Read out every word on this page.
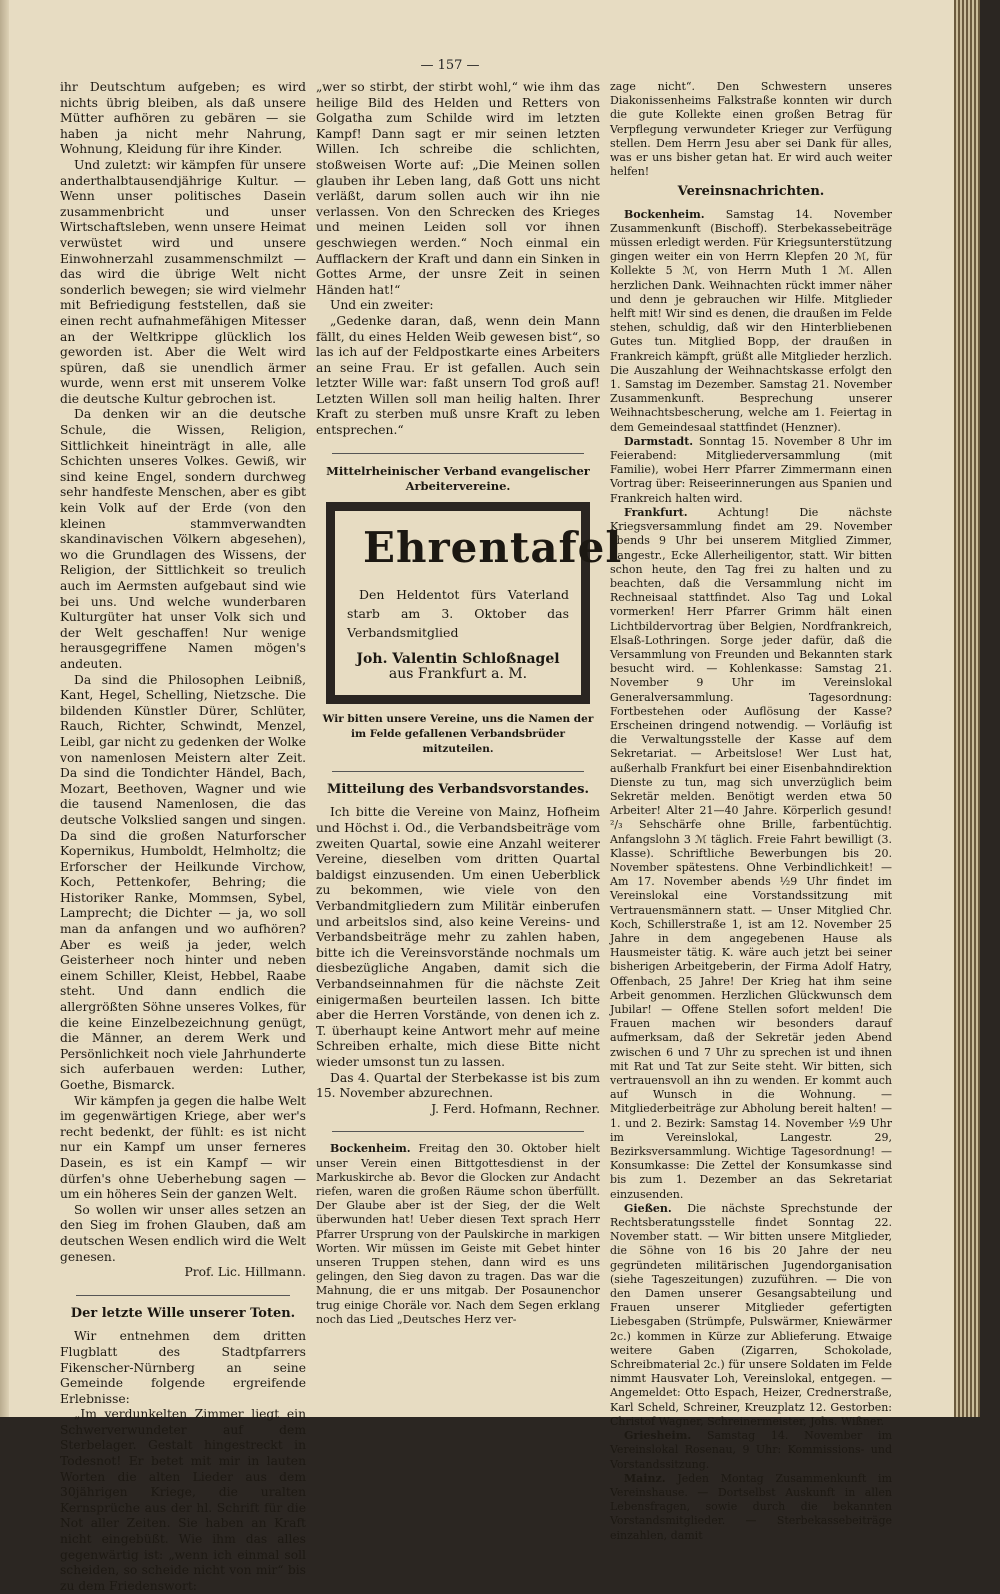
— 157 —

ihr Deutschtum aufgeben; es wird nichts übrig bleiben, als daß unsere Mütter aufhören zu gebären — sie haben ja nicht mehr Nahrung, Wohnung, Kleidung für ihre Kinder.

Und zuletzt: wir kämpfen für unsere anderthalbtausendjährige Kultur. — Wenn unser politisches Dasein zusammenbricht und unser Wirtschaftsleben, wenn unsere Heimat verwüstet wird und unsere Einwohnerzahl zusammenschmilzt — das wird die übrige Welt nicht sonderlich bewegen; sie wird vielmehr mit Befriedigung feststellen, daß sie einen recht aufnahmefähigen Mitesser an der Weltkrippe glücklich los geworden ist. Aber die Welt wird spüren, daß sie unendlich ärmer wurde, wenn erst mit unserem Volke die deutsche Kultur gebrochen ist.

Da denken wir an die deutsche Schule, die Wissen, Religion, Sittlichkeit hineinträgt in alle, alle Schichten unseres Volkes. Gewiß, wir sind keine Engel, sondern durchweg sehr handfeste Menschen, aber es gibt kein Volk auf der Erde (von den kleinen stammverwandten skandinavischen Völkern abgesehen), wo die Grundlagen des Wissens, der Religion, der Sittlichkeit so treulich auch im Aermsten aufgebaut sind wie bei uns. Und welche wunderbaren Kulturgüter hat unser Volk sich und der Welt geschaffen! Nur wenige herausgegriffene Namen mögen's andeuten.

Da sind die Philosophen Leibniß, Kant, Hegel, Schelling, Nietzsche. Die bildenden Künstler Dürer, Schlüter, Rauch, Richter, Schwindt, Menzel, Leibl, gar nicht zu gedenken der Wolke von namenlosen Meistern alter Zeit. Da sind die Tondichter Händel, Bach, Mozart, Beethoven, Wagner und wie die tausend Namenlosen, die das deutsche Volkslied sangen und singen. Da sind die großen Naturforscher Kopernikus, Humboldt, Helmholtz; die Erforscher der Heilkunde Virchow, Koch, Pettenkofer, Behring; die Historiker Ranke, Mommsen, Sybel, Lamprecht; die Dichter — ja, wo soll man da anfangen und wo aufhören? Aber es weiß ja jeder, welch Geisterheer noch hinter und neben einem Schiller, Kleist, Hebbel, Raabe steht. Und dann endlich die allergrößten Söhne unseres Volkes, für die keine Einzelbezeichnung genügt, die Männer, an derem Werk und Persönlichkeit noch viele Jahrhunderte sich auferbauen werden: Luther, Goethe, Bismarck.

Wir kämpfen ja gegen die halbe Welt im gegenwärtigen Kriege, aber wer's recht bedenkt, der fühlt: es ist nicht nur ein Kampf um unser ferneres Dasein, es ist ein Kampf — wir dürfen's ohne Ueberhebung sagen — um ein höheres Sein der ganzen Welt.

So wollen wir unser alles setzen an den Sieg im frohen Glauben, daß am deutschen Wesen endlich wird die Welt genesen.

Prof. Lic. Hillmann.

Der letzte Wille unserer Toten.

Wir entnehmen dem dritten Flugblatt des Stadtpfarrers Fikenscher-Nürnberg an seine Gemeinde folgende ergreifende Erlebnisse:

„Im verdunkelten Zimmer liegt ein Schwerverwundeter auf dem Sterbelager. Gestalt hingestreckt in Todesnot! Er betet mit mir in lauten Worten die alten Lieder aus dem 30jährigen Kriege, die uralten Kernsprüche aus der hl. Schrift für die Not aller Zeiten. Sie haben an Kraft nicht eingebüßt. Wie ihm das alles gegenwärtig ist: „wenn ich einmal soll scheiden, so scheide nicht von mir“ bis zu dem Friedenswort:

„wer so stirbt, der stirbt wohl,“ wie ihm das heilige Bild des Helden und Retters von Golgatha zum Schilde wird im letzten Kampf! Dann sagt er mir seinen letzten Willen. Ich schreibe die schlichten, stoßweisen Worte auf: „Die Meinen sollen glauben ihr Leben lang, daß Gott uns nicht verläßt, darum sollen auch wir ihn nie verlassen. Von den Schrecken des Krieges und meinen Leiden soll vor ihnen geschwiegen werden.“ Noch einmal ein Aufflackern der Kraft und dann ein Sinken in Gottes Arme, der unsre Zeit in seinen Händen hat!“

Und ein zweiter:

„Gedenke daran, daß, wenn dein Mann fällt, du eines Helden Weib gewesen bist“, so las ich auf der Feldpostkarte eines Arbeiters an seine Frau. Er ist gefallen. Auch sein letzter Wille war: faßt unsern Tod groß auf! Letzten Willen soll man heilig halten. Ihrer Kraft zu sterben muß unsre Kraft zu leben entsprechen.“

Mittelrheinischer Verband evangelischer Arbeitervereine.
Ehrentafel
Den Heldentot fürs Vaterland starb am 3. Oktober das Verbandsmitglied
Joh. Valentin Schloßnagel
aus Frankfurt a. M.
Wir bitten unsere Vereine, uns die Namen der im Felde gefallenen Verbandsbrüder mitzuteilen.
Mitteilung des Verbandsvorstandes.

Ich bitte die Vereine von Mainz, Hofheim und Höchst i. Od., die Verbandsbeiträge vom zweiten Quartal, sowie eine Anzahl weiterer Vereine, dieselben vom dritten Quartal baldigst einzusenden. Um einen Ueberblick zu bekommen, wie viele von den Verbandmitgliedern zum Militär einberufen und arbeitslos sind, also keine Vereins- und Verbandsbeiträge mehr zu zahlen haben, bitte ich die Vereinsvorstände nochmals um diesbezügliche Angaben, damit sich die Verbandseinnahmen für die nächste Zeit einigermaßen beurteilen lassen. Ich bitte aber die Herren Vorstände, von denen ich z. T. überhaupt keine Antwort mehr auf meine Schreiben erhalte, mich diese Bitte nicht wieder umsonst tun zu lassen.

Das 4. Quartal der Sterbekasse ist bis zum 15. November abzurechnen.

J. Ferd. Hofmann, Rechner.

Bockenheim. Freitag den 30. Oktober hielt unser Verein einen Bittgottesdienst in der Markuskirche ab. Bevor die Glocken zur Andacht riefen, waren die großen Räume schon überfüllt. Der Glaube aber ist der Sieg, der die Welt überwunden hat! Ueber diesen Text sprach Herr Pfarrer Ursprung von der Paulskirche in markigen Worten. Wir müssen im Geiste mit Gebet hinter unseren Truppen stehen, dann wird es uns gelingen, den Sieg davon zu tragen. Das war die Mahnung, die er uns mitgab. Der Posaunenchor trug einige Choräle vor. Nach dem Segen erklang noch das Lied „Deutsches Herz ver-

zage nicht“. Den Schwestern unseres Diakonissenheims Falkstraße konnten wir durch die gute Kollekte einen großen Betrag für Verpflegung verwundeter Krieger zur Verfügung stellen. Dem Herrn Jesu aber sei Dank für alles, was er uns bisher getan hat. Er wird auch weiter helfen!

Vereinsnachrichten.

Bockenheim. Samstag 14. November Zusammenkunft (Bischoff). Sterbekassebeiträge müssen erledigt werden. Für Kriegsunterstützung gingen weiter ein von Herrn Klepfen 20 ℳ, für Kollekte 5 ℳ, von Herrn Muth 1 ℳ. Allen herzlichen Dank. Weihnachten rückt immer näher und denn je gebrauchen wir Hilfe. Mitglieder helft mit! Wir sind es denen, die draußen im Felde stehen, schuldig, daß wir den Hinterbliebenen Gutes tun. Mitglied Bopp, der draußen in Frankreich kämpft, grüßt alle Mitglieder herzlich. Die Auszahlung der Weihnachtskasse erfolgt den 1. Samstag im Dezember. Samstag 21. November Zusammenkunft. Besprechung unserer Weihnachtsbescherung, welche am 1. Feiertag in dem Gemeindesaal stattfindet (Henzner).

Darmstadt. Sonntag 15. November 8 Uhr im Feierabend: Mitgliederversammlung (mit Familie), wobei Herr Pfarrer Zimmermann einen Vortrag über: Reiseerinnerungen aus Spanien und Frankreich halten wird.

Frankfurt.	Achtung! Die nächste Kriegsversammlung findet am 29. November abends 9 Uhr bei unserem Mitglied Zimmer, Langestr., Ecke Allerheiligentor, statt. Wir bitten schon heute, den Tag frei zu halten und zu beachten, daß die Versammlung nicht im Rechneisaal stattfindet. Also Tag und Lokal vormerken! Herr Pfarrer Grimm hält einen Lichtbildervortrag über Belgien, Nordfrankreich, Elsaß-Lothringen. Sorge jeder dafür, daß die Versammlung von Freunden und Bekannten stark besucht wird. — Kohlenkasse: Samstag 21. November 9 Uhr im Vereinslokal Generalversammlung. Tagesordnung: Fortbestehen oder Auflösung der Kasse? Erscheinen dringend notwendig. — Vorläufig ist die Verwaltungsstelle der Kasse auf dem Sekretariat. — Arbeitslose! Wer Lust hat, außerhalb Frankfurt bei einer Eisenbahndirektion Dienste zu tun, mag sich unverzüglich beim Sekretär melden. Benötigt werden etwa 50 Arbeiter! Alter 21—40 Jahre. Körperlich gesund! ²/₃ Sehschärfe ohne Brille, farbentüchtig. Anfangslohn 3 ℳ täglich. Freie Fahrt bewilligt (3. Klasse). Schriftliche Bewerbungen bis 20. November spätestens. Ohne Verbindlichkeit! — Am 17. November abends ½9 Uhr findet im Vereinslokal eine Vorstandssitzung mit Vertrauensmännern statt. — Unser Mitglied Chr. Koch, Schillerstraße 1, ist am 12. November 25 Jahre in dem angegebenen Hause als Hausmeister tätig. K. wäre auch jetzt bei seiner bisherigen Arbeitgeberin, der Firma Adolf Hatry, Offenbach, 25 Jahre! Der Krieg hat ihm seine Arbeit genommen. Herzlichen Glückwunsch dem Jubilar! — Offene Stellen sofort melden! Die Frauen machen wir besonders darauf aufmerksam, daß der Sekretär jeden Abend zwischen 6 und 7 Uhr zu sprechen ist und ihnen mit Rat und Tat zur Seite steht. Wir bitten, sich vertrauensvoll an ihn zu wenden. Er kommt auch auf Wunsch in die Wohnung. — Mitgliederbeiträge zur Abholung bereit halten! — 1. und 2. Bezirk: Samstag 14. November ½9 Uhr im Vereinslokal, Langestr. 29, Bezirksversammlung. Wichtige Tagesordnung! — Konsumkasse: Die Zettel der Konsumkasse sind bis zum 1. Dezember an das Sekretariat einzusenden.

Gießen. Die nächste Sprechstunde der Rechtsberatungsstelle findet Sonntag 22. November statt. — Wir bitten unsere Mitglieder, die Söhne von 16 bis 20 Jahre der neu gegründeten militärischen Jugendorganisation (siehe Tageszeitungen) zuzuführen. — Die von den Damen unserer Gesangsabteilung und Frauen unserer Mitglieder gefertigten Liebesgaben (Strümpfe, Pulswärmer, Kniewärmer 2c.) kommen in Kürze zur Ablieferung. Etwaige weitere Gaben (Zigarren, Schokolade, Schreibmaterial 2c.) für unsere Soldaten im Felde nimmt Hausvater Loh, Vereinslokal, entgegen. — Angemeldet: Otto Espach, Heizer, Crednerstraße, Karl Scheld, Schreiner, Kreuzplatz 12. Gestorben: Christof Wagner, Schreinermeister, Johs. Wißner.

Griesheim. Samstag 14. November im Vereinslokal Rosenau, 9 Uhr: Kommissions- und Vorstandssitzung.

Mainz. Jeden Montag Zusammenkunft im Vereinshause. — Dortselbst Auskunft in allen Lebensfragen, sowie durch die bekannten Vorstandsmitglieder. — Sterbekassebeiträge einzahlen, damit
